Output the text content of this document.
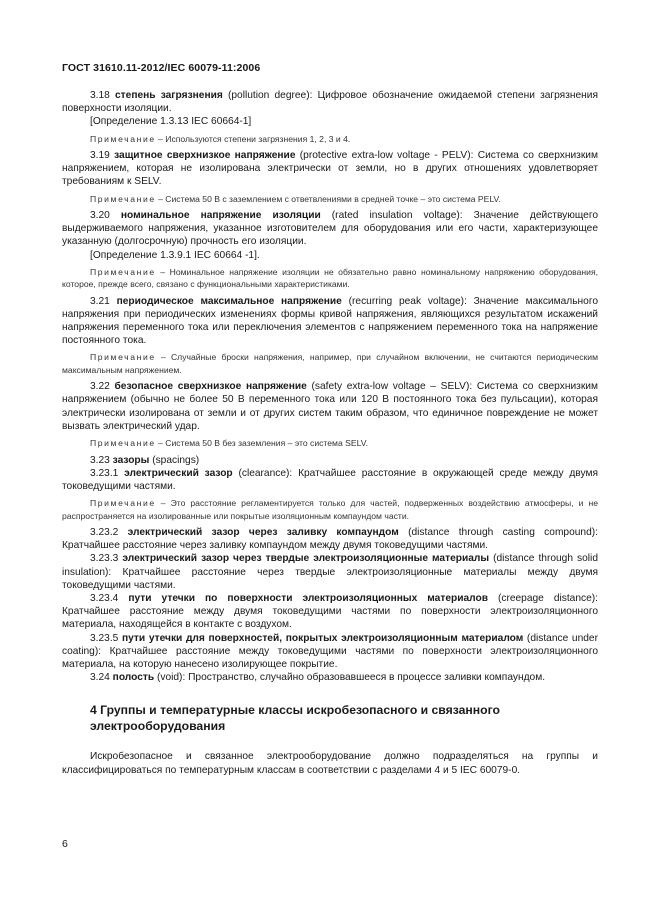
ГОСТ 31610.11-2012/IEC 60079-11:2006

3.18 степень загрязнения (pollution degree): Цифровое обозначение ожидаемой степени загрязнения поверхности изоляции.

[Определение 1.3.13 IEC 60664-1]

Примечание – Используются степени загрязнения 1, 2, 3 и 4.

3.19 защитное сверхнизкое напряжение (protective extra-low voltage - PELV): Система со сверхнизким напряжением, которая не изолирована электрически от земли, но в других отношениях удовлетворяет требованиям к SELV.

Примечание – Система 50 В с заземлением с ответвлениями в средней точке – это система PELV.

3.20 номинальное напряжение изоляции (rated insulation voltage): Значение действующего выдерживаемого напряжения, указанное изготовителем для оборудования или его части, характеризующее указанную (долгосрочную) прочность его изоляции.

[Определение 1.3.9.1 IEC 60664 -1].

Примечание – Номинальное напряжение изоляции не обязательно равно номинальному напряжению оборудования, которое, прежде всего, связано с функциональными характеристиками.

3.21 периодическое максимальное напряжение (recurring peak voltage): Значение максимального напряжения при периодических изменениях формы кривой напряжения, являющихся результатом искажений напряжения переменного тока или переключения элементов с напряжением переменного тока на напряжение постоянного тока.

Примечание – Случайные броски напряжения, например, при случайном включении, не считаются периодическим максимальным напряжением.

3.22 безопасное сверхнизкое напряжение (safety extra-low voltage – SELV): Система со сверхнизким напряжением (обычно не более 50 В переменного тока или 120 В постоянного тока без пульсации), которая электрически изолирована от земли и от других систем таким образом, что единичное повреждение не может вызвать электрический удар.

Примечание – Система 50 В без заземления – это система SELV.

3.23 зазоры (spacings)

3.23.1 электрический зазор (clearance): Кратчайшее расстояние в окружающей среде между двумя токоведущими частями.

Примечание – Это расстояние регламентируется только для частей, подверженных воздействию атмосферы, и не распространяется на изолированные или покрытые изоляционным компаундом части.

3.23.2 электрический зазор через заливку компаундом (distance through casting compound): Кратчайшее расстояние через заливку компаундом между двумя токоведущими частями.

3.23.3 электрический зазор через твердые электроизоляционные материалы (distance through solid insulation): Кратчайшее расстояние через твердые электроизоляционные материалы между двумя токоведущими частями.

3.23.4 пути утечки по поверхности электроизоляционных материалов (creepage distance): Кратчайшее расстояние между двумя токоведущими частями по поверхности электроизоляционного материала, находящейся в контакте с воздухом.

3.23.5 пути утечки для поверхностей, покрытых электроизоляционным материалом (distance under coating): Кратчайшее расстояние между токоведущими частями по поверхности электроизоляционного материала, на которую нанесено изолирующее покрытие.

3.24 полость (void): Пространство, случайно образовавшееся в процессе заливки компаундом.

4 Группы и температурные классы искробезопасного и связанного электрооборудования

Искробезопасное и связанное электрооборудование должно подразделяться на группы и классифицироваться по температурным классам в соответствии с разделами 4 и 5 IEC 60079-0.

6
